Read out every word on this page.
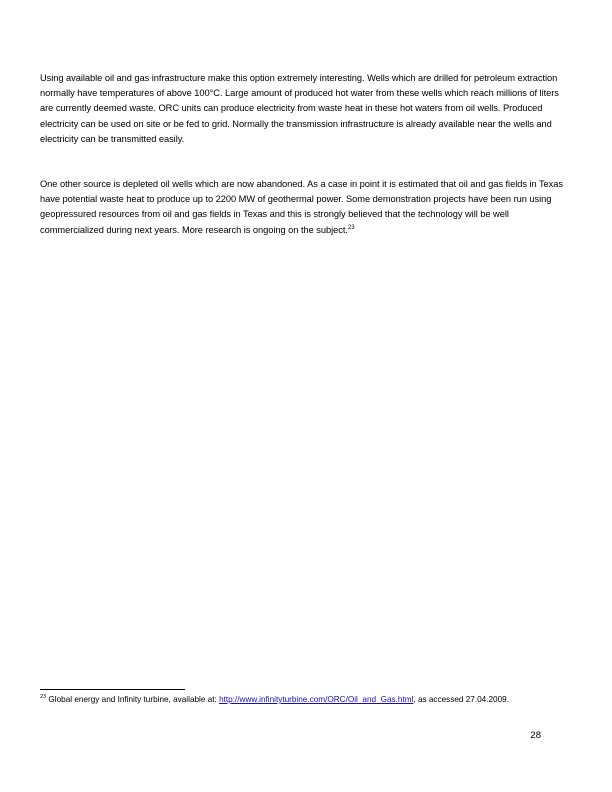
Using available oil and gas infrastructure make this option extremely interesting. Wells which are drilled for petroleum extraction normally have temperatures of above 100°C. Large amount of produced hot water from these wells which reach millions of liters are currently deemed waste. ORC units can produce electricity from waste heat in these hot waters from oil wells. Produced electricity can be used on site or be fed to grid. Normally the transmission infrastructure is already available near the wells and electricity can be transmitted easily.

One other source is depleted oil wells which are now abandoned. As a case in point it is estimated that oil and gas fields in Texas have potential waste heat to produce up to 2200 MW of geothermal power. Some demonstration projects have been run using geopressured resources from oil and gas fields in Texas and this is strongly believed that the technology will be well commercialized during next years. More research is ongoing on the subject.$^{23}$

$^{23}$ Global energy and Infinity turbine, available at: http://www.infinityturbine.com/ORC/Oil_and_Gas.html, as accessed 27.04.2009.
28
